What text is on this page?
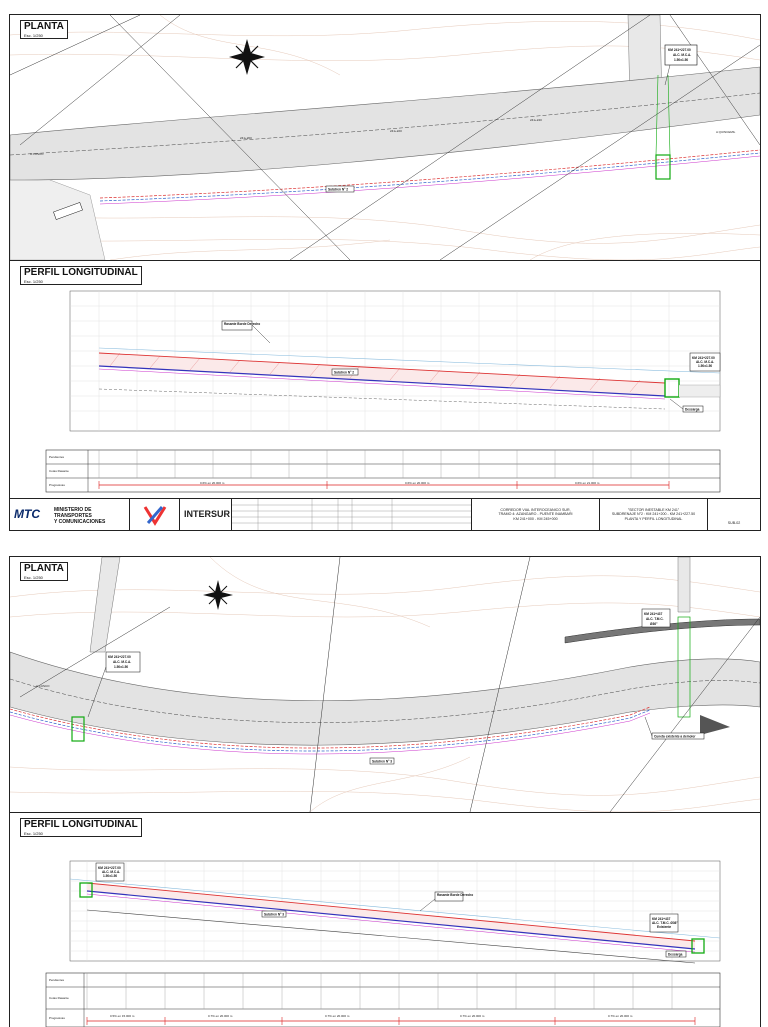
A CUSCO
A QUINCEMIL
241+200
241+220
241+240
Subdren N° 2
KM 241+227.00
ALC. M.C.A.
1.50x1.50
PLANTA
Esc. 1/250
Rasante Borde Derecho
Subdren N° 2
Descarga
KM 241+227.00
ALC. M.C.A.
1.50x1.50
Pendientes
Cotas Rasante
Progresivas	0.6% en 20.000 m	0.6% en 20.000 m	0.6% en 21.000 m
PERFIL LONGITUDINAL
Esc. 1/250
MTC	MINISTERIO DE TRANSPORTES
Y COMUNICACIONES
INTERSUR	CORREDOR VIAL INTEROCEANICO SUR,
TRAMO 4: AZANGARO - PUENTE INAMBARI
KM 241+000 - KM 245+000
"SECTOR INESTABLE KM 241"
SUBDRENAJE N°2 : KM 241+200 - KM 241+227.50
PLANTA Y PERFIL LONGITUDINAL
SUB-02
KM 241+227.00
ALC. M.C.A.
1.50x1.50
KM 241+437
ALC. T.M.C.
Ø36"
Subdren N° 3
Cuneta existente a demoler
A CUSCO
PLANTA
Esc. 1/250
KM 241+227.00
ALC. M.C.A.
1.50x1.50
Rasante Borde Derecho
Subdren N° 3
KM 241+437
ALC. T.M.C. Ø36"
Existente
Descarga
Pendientes
Cotas Rasante
Progresivas	0.5% en 15.000 m	0.7% en 20.000 m	0.7% en 20.000 m	0.7% en 20.000 m	0.7% en 20.000 m
PERFIL LONGITUDINAL
Esc. 1/250
